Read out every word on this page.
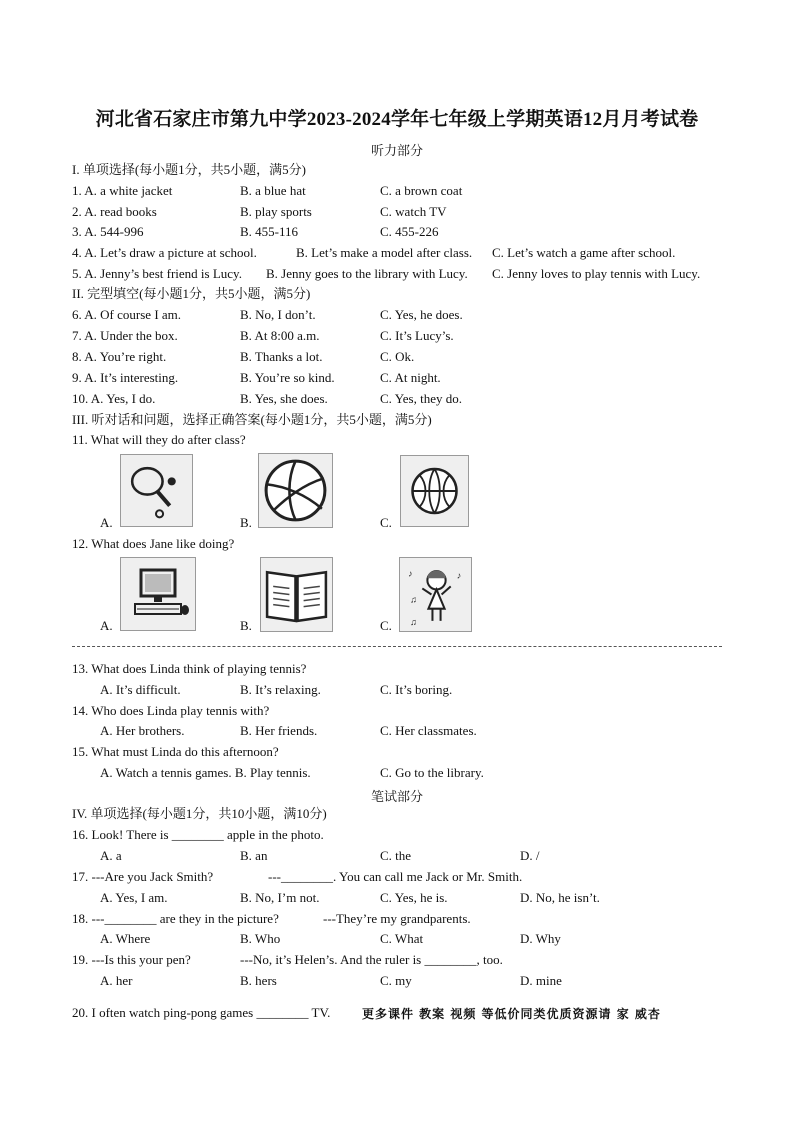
河北省石家庄市第九中学2023-2024学年七年级上学期英语12月月考试卷
听力部分
I. 单项选择(每小题1分，共5小题，满5分)
1. A. a white jacket	B. a blue hat	C. a brown coat
2. A. read books	B. play sports	C. watch TV
3. A. 544-996	B. 455-116	C. 455-226
4. A. Let’s draw a picture at school.	B. Let’s make a model after class. C. Let’s watch a game after school.
5. A. Jenny’s best friend is Lucy. B. Jenny goes to the library with Lucy. C. Jenny loves to play tennis with Lucy.
II. 完型填空(每小题1分，共5小题，满5分)
6. A. Of course I am.	B. No, I don’t.	C. Yes, he does.
7. A. Under the box.	B. At 8:00 a.m.	C. It’s Lucy’s.
8. A. You’re right.	B. Thanks a lot.	C. Ok.
9. A. It’s interesting.	B. You’re so kind.	C. At night.
10. A. Yes, I do.	B. Yes, she does.	C. Yes, they do.
III. 听对话和问题，选择正确答案(每小题1分，共5小题，满5分)
11. What will they do after class?
A.	B.	C.
12. What does Jane like doing?
A.	B.	C.
♪
♫
♪
♫
13. What does Linda think of playing tennis?
A. It’s difficult.	B. It’s relaxing.	C. It’s boring.
14. Who does Linda play tennis with?
A. Her brothers.	B. Her friends.	C. Her classmates.
15. What must Linda do this afternoon?
A. Watch a tennis games. B. Play tennis.	C. Go to the library.
笔试部分
IV. 单项选择(每小题1分，共10小题，满10分)
16. Look! There is ________ apple in the photo.
A. a	B. an	C. the	D. /
17. ---Are you Jack Smith?	---________. You can call me Jack or Mr. Smith.
A. Yes, I am.	B. No, I’m not.	C. Yes, he is.	D. No, he isn’t.
18. ---________ are they in the picture?	---They’re my grandparents.
A. Where	B. Who	C. What	D. Why
19. ---Is this your pen?	---No, it’s Helen’s. And the ruler is ________, too.
A. her	B. hers	C. my	D. mine
20. I often watch ping-pong games ________ TV.	更多课件 教案 视频 等低价同类优质资源请 家 威杏
